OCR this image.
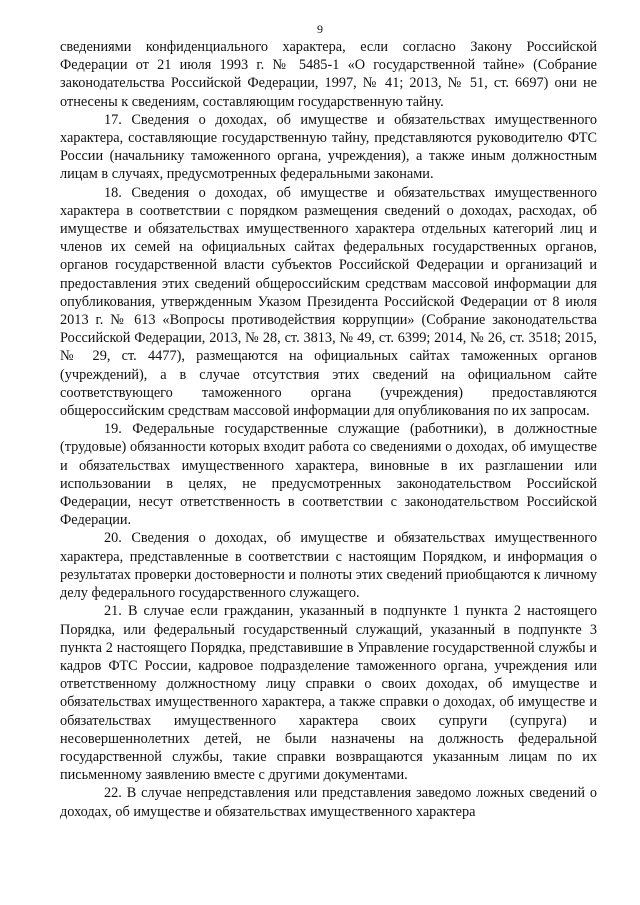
9

сведениями конфиденциального характера, если согласно Закону Российской Федерации от 21 июля 1993 г. № 5485-1 «О государственной тайне» (Собрание законодательства Российской Федерации, 1997, № 41; 2013, № 51, ст. 6697) они не отнесены к сведениям, составляющим государственную тайну.

17. Сведения о доходах, об имуществе и обязательствах имущественного характера, составляющие государственную тайну, представляются руководителю ФТС России (начальнику таможенного органа, учреждения), а также иным должностным лицам в случаях, предусмотренных федеральными законами.

18. Сведения о доходах, об имуществе и обязательствах имущественного характера в соответствии с порядком размещения сведений о доходах, расходах, об имуществе и обязательствах имущественного характера отдельных категорий лиц и членов их семей на официальных сайтах федеральных государственных органов, органов государственной власти субъектов Российской Федерации и организаций и предоставления этих сведений общероссийским средствам массовой информации для опубликования, утвержденным Указом Президента Российской Федерации от 8 июля 2013 г. № 613 «Вопросы противодействия коррупции» (Собрание законодательства Российской Федерации, 2013, № 28, ст. 3813, № 49, ст. 6399; 2014, № 26, ст. 3518; 2015, № 29, ст. 4477), размещаются на официальных сайтах таможенных органов (учреждений), а в случае отсутствия этих сведений на официальном сайте соответствующего таможенного органа (учреждения) предоставляются общероссийским средствам массовой информации для опубликования по их запросам.

19. Федеральные государственные служащие (работники), в должностные (трудовые) обязанности которых входит работа со сведениями о доходах, об имуществе и обязательствах имущественного характера, виновные в их разглашении или использовании в целях, не предусмотренных законодательством Российской Федерации, несут ответственность в соответствии с законодательством Российской Федерации.

20. Сведения о доходах, об имуществе и обязательствах имущественного характера, представленные в соответствии с настоящим Порядком, и информация о результатах проверки достоверности и полноты этих сведений приобщаются к личному делу федерального государственного служащего.

21. В случае если гражданин, указанный в подпункте 1 пункта 2 настоящего Порядка, или федеральный государственный служащий, указанный в подпункте 3 пункта 2 настоящего Порядка, представившие в Управление государственной службы и кадров ФТС России, кадровое подразделение таможенного органа, учреждения или ответственному должностному лицу справки о своих доходах, об имуществе и обязательствах имущественного характера, а также справки о доходах, об имуществе и обязательствах имущественного характера своих супруги (супруга) и несовершеннолетних детей, не были назначены на должность федеральной государственной службы, такие справки возвращаются указанным лицам по их письменному заявлению вместе с другими документами.

22. В случае непредставления или представления заведомо ложных сведений о доходах, об имуществе и обязательствах имущественного характера
